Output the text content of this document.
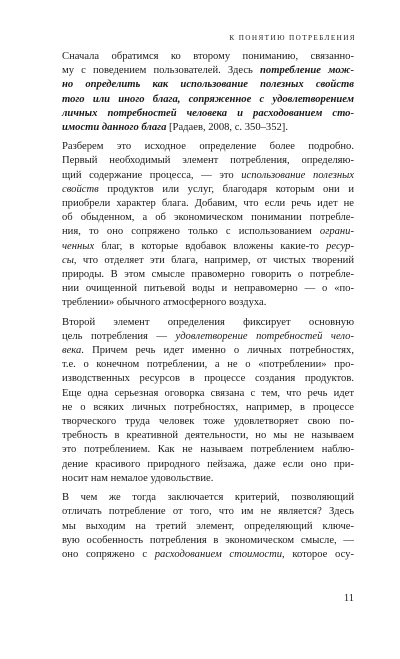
К ПОНЯТИЮ ПОТРЕБЛЕНИЯ

Сначала обратимся ко второму пониманию, связанно-
му с поведением пользователей. Здесь потребление мож-
но определить как использование полезных свойств
того или иного блага, сопряженное с удовлетворением
личных потребностей человека и расходованием сто-
имости данного блага [Радаев, 2008, с. 350–352].

Разберем это исходное определение более подробно.
Первый необходимый элемент потребления, определяю-
щий содержание процесса, — это использование полезных
свойств продуктов или услуг, благодаря которым они и
приобрели характер блага. Добавим, что если речь идет не
об обыденном, а об экономическом понимании потребле-
ния, то оно сопряжено только с использованием ограни-
ченных благ, в которые вдобавок вложены какие-то ресур-
сы, что отделяет эти блага, например, от чистых творений
природы. В этом смысле правомерно говорить о потребле-
нии очищенной питьевой воды и неправомерно — о «по-
треблении» обычного атмосферного воздуха.

Второй элемент определения фиксирует основную
цель потребления — удовлетворение потребностей чело-
века. Причем речь идет именно о личных потребностях,
т.е. о конечном потреблении, а не о «потреблении» про-
изводственных ресурсов в процессе создания продуктов.
Еще одна серьезная оговорка связана с тем, что речь идет
не о всяких личных потребностях, например, в процессе
творческого труда человек тоже удовлетворяет свою по-
требность в креативной деятельности, но мы не называем
это потреблением. Как не называем потреблением наблю-
дение красивого природного пейзажа, даже если оно при-
носит нам немалое удовольствие.

В чем же тогда заключается критерий, позволяющий
отличать потребление от того, что им не является? Здесь
мы выходим на третий элемент, определяющий ключе-
вую особенность потребления в экономическом смысле, —
оно сопряжено с расходованием стоимости, которое осу-

11
